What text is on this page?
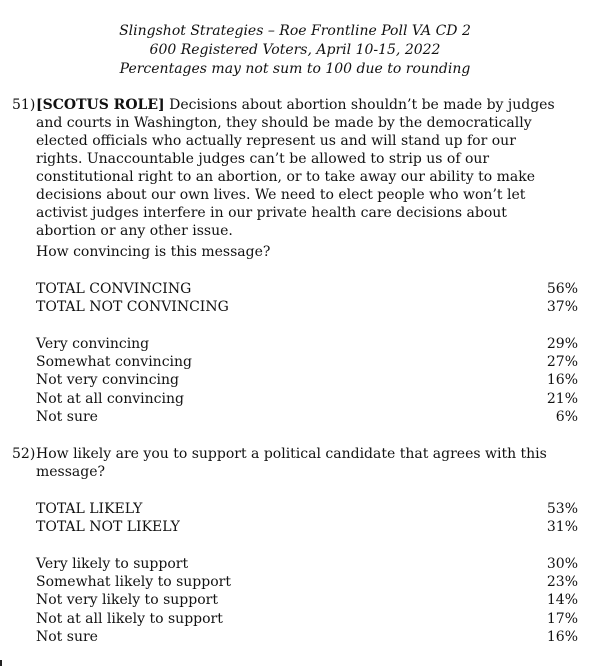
Slingshot Strategies – Roe Frontline Poll VA CD 2
600 Registered Voters, April 10-15, 2022
Percentages may not sum to 100 due to rounding
51) [SCOTUS ROLE] Decisions about abortion shouldn’t be made by judges and courts in Washington, they should be made by the democratically elected officials who actually represent us and will stand up for our rights. Unaccountable judges can’t be allowed to strip us of our constitutional right to an abortion, or to take away our ability to make decisions about our own lives. We need to elect people who won’t let activist judges interfere in our private health care decisions about abortion or any other issue.
How convincing is this message?
TOTAL CONVINCING	56%
TOTAL NOT CONVINCING	37%
Very convincing	29%
Somewhat convincing	27%
Not very convincing	16%
Not at all convincing	21%
Not sure	6%
52) How likely are you to support a political candidate that agrees with this message?
TOTAL LIKELY	53%
TOTAL NOT LIKELY	31%
Very likely to support	30%
Somewhat likely to support	23%
Not very likely to support	14%
Not at all likely to support	17%
Not sure	16%
